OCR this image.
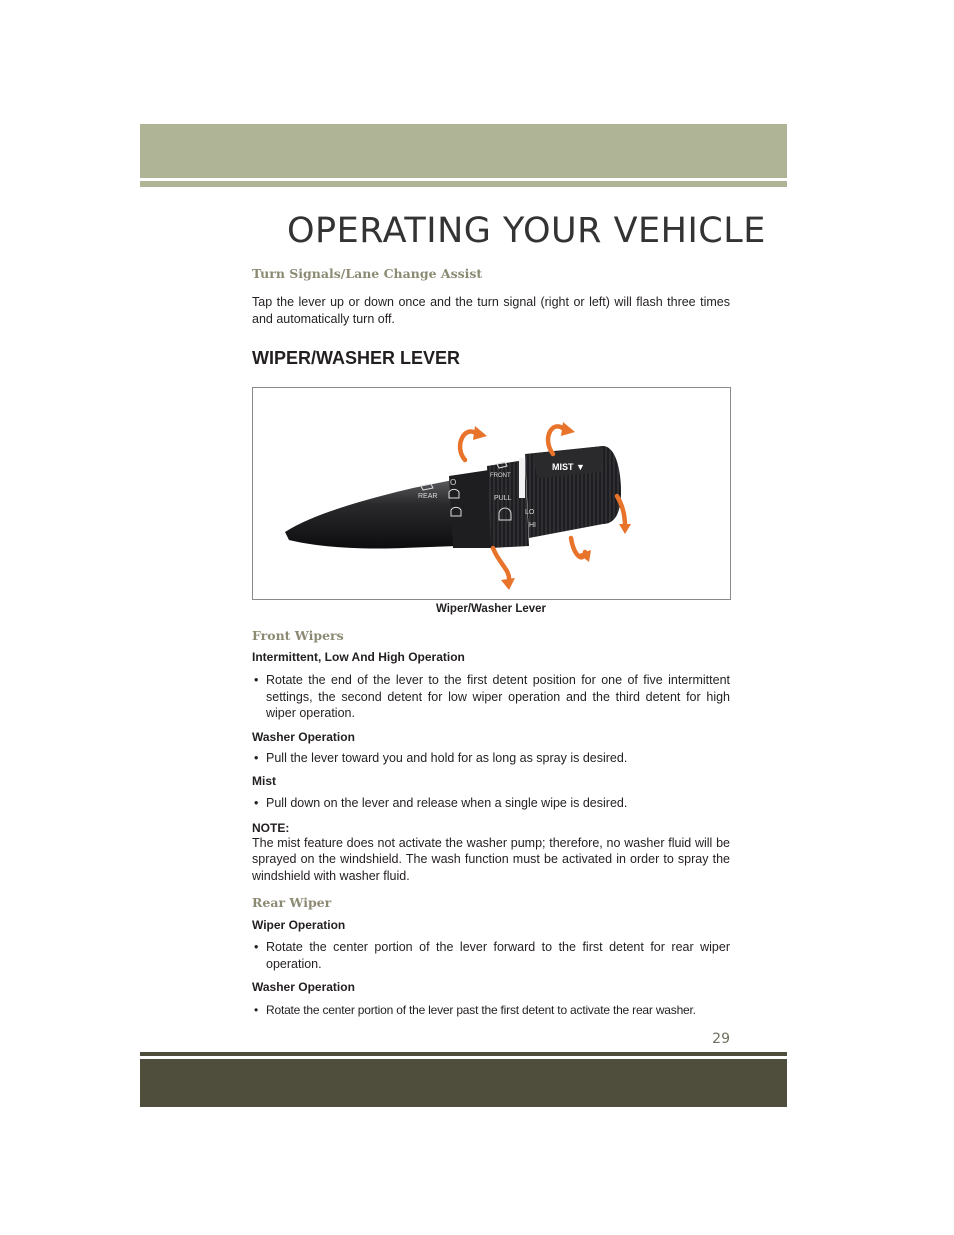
OPERATING YOUR VEHICLE

Turn Signals/Lane Change Assist

Tap the lever up or down once and the turn signal (right or left) will flash three times and automatically turn off.

WIPER/WASHER LEVER
MIST ▼
FRONT
PULL
LO
HI
REAR
O

Wiper/Washer Lever

Front Wipers

Intermittent, Low And High Operation

• Rotate the end of the lever to the first detent position for one of five intermittent settings, the second detent for low wiper operation and the third detent for high wiper operation.

Washer Operation

• Pull the lever toward you and hold for as long as spray is desired.

Mist

• Pull down on the lever and release when a single wipe is desired.

NOTE:

The mist feature does not activate the washer pump; therefore, no washer fluid will be sprayed on the windshield. The wash function must be activated in order to spray the windshield with washer fluid.

Rear Wiper

Wiper Operation

• Rotate the center portion of the lever forward to the first detent for rear wiper operation.

Washer Operation

• Rotate the center portion of the lever past the first detent to activate the rear washer.

29
